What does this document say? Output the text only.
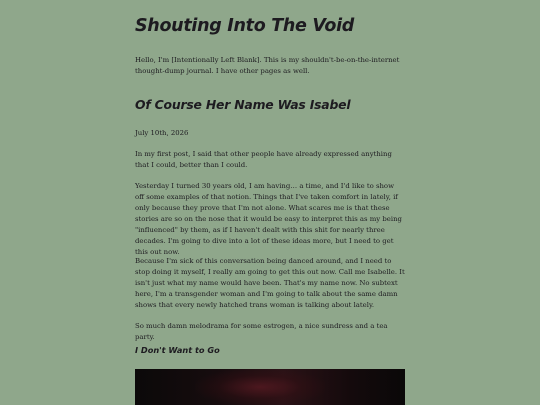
Shouting Into The Void

Hello, I'm [Intentionally Left Blank]. This is my shouldn't-be-on-the-internet thought-dump journal. I have other pages as well.

Of Course Her Name Was Isabel

July 10th, 2026

In my first post, I said that other people have already expressed anything that I could, better than I could.

Yesterday I turned 30 years old, I am having… a time, and I'd like to show off some examples of that notion. Things that I've taken comfort in lately, if only because they prove that I'm not alone. What scares me is that these stories are so on the nose that it would be easy to interpret this as my being "influenced" by them, as if I haven't dealt with this shit for nearly three decades. I'm going to dive into a lot of these ideas more, but I need to get this out now.

Because I'm sick of this conversation being danced around, and I need to stop doing it myself, I really am going to get this out now. Call me Isabelle. It isn't just what my name would have been. That's my name now. No subtext here, I'm a transgender woman and I'm going to talk about the same damn shows that every newly hatched trans woman is talking about lately.

So much damn melodrama for some estrogen, a nice sundress and a tea party.

I Don't Want to Go
